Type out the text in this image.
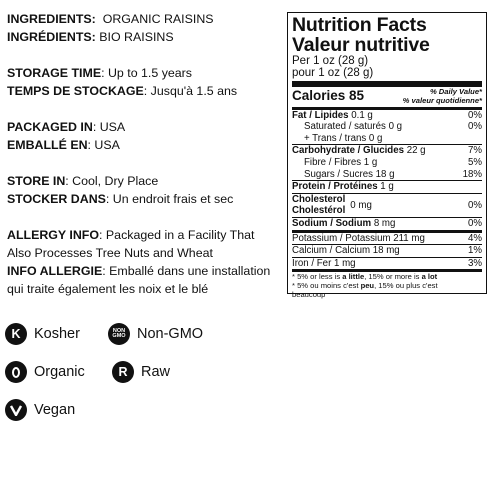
INGREDIENTS: ORGANIC RAISINS
INGRÉDIENTS: BIO RAISINS
STORAGE TIME: Up to 1.5 years
TEMPS DE STOCKAGE: Jusqu'à 1.5 ans
PACKAGED IN: USA
EMBALLÉ EN: USA
STORE IN: Cool, Dry Place
STOCKER DANS: Un endroit frais et sec
ALLERGY INFO: Packaged in a Facility That
Also Processes Tree Nuts and Wheat
INFO ALLERGIE: Emballé dans une installation
qui traite également les noix et le blé
Nutrition Facts
Valeur nutritive
Per 1 oz (28 g)
pour 1 oz (28 g)
Calories 85	% Daily Value*
% valeur quotidienne*
Fat / Lipides 0.1 g	0%
Saturated / saturés 0 g	0%
+ Trans / trans 0 g
Carbohydrate / Glucides 22 g	7%
Fibre / Fibres 1 g	5%
Sugars / Sucres 18 g	18%
Protein / Protéines 1 g
Cholesterol
Cholestérol
0 mg	0%
Sodium / Sodium 8 mg	0%
Potassium / Potassium 211 mg	4%
Calcium / Calcium 18 mg	1%
Iron / Fer 1 mg	3%
* 5% or less is a little, 15% or more is a lot
* 5% ou moins c'est peu, 15% ou plus c'est
beaucoup
K Kosher	NON
GMO Non-GMO
Organic	R Raw
Vegan
